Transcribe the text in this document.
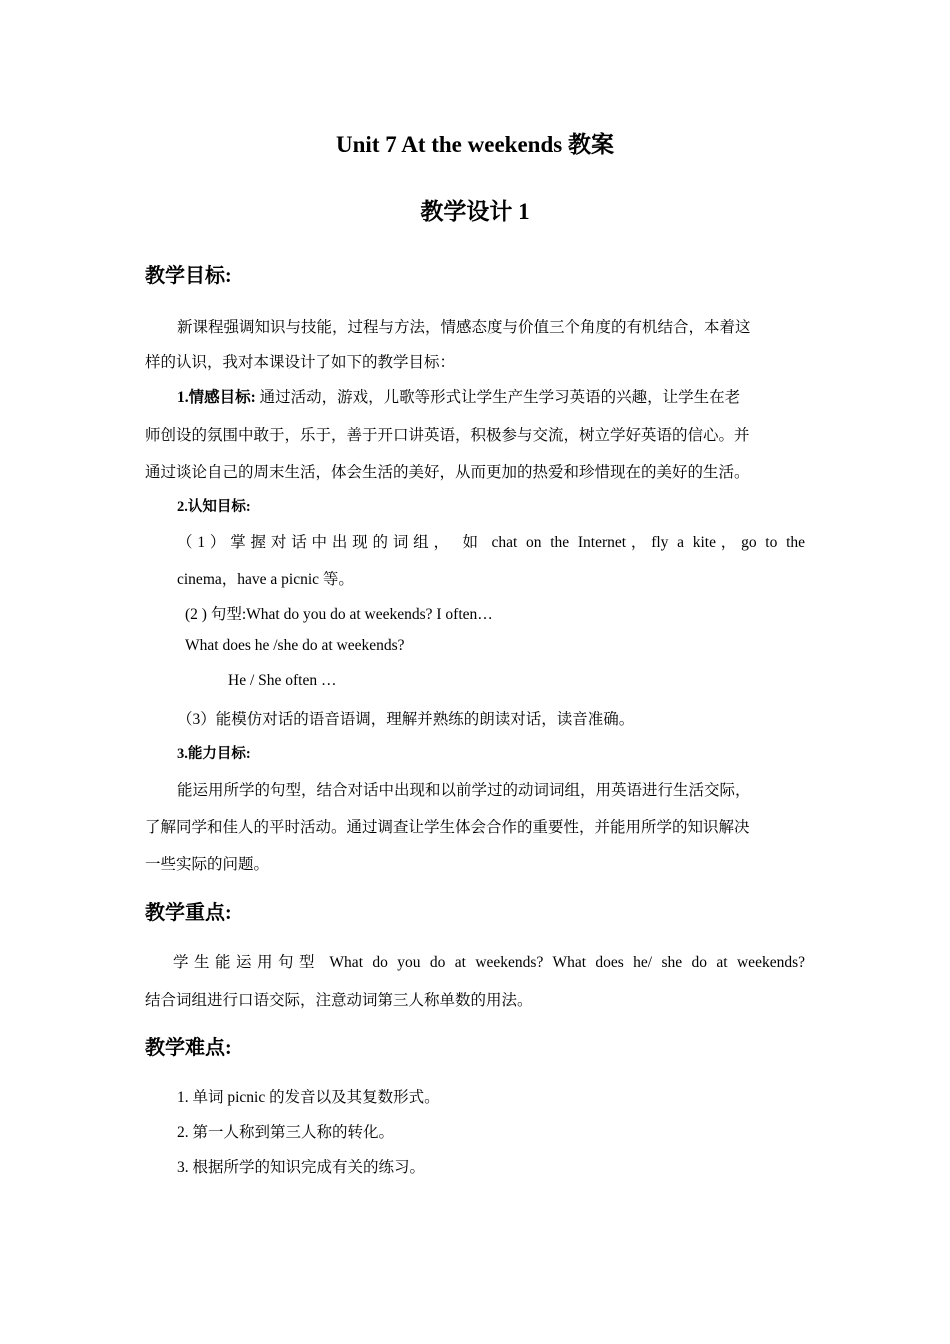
Unit 7 At the weekends 教案
教学设计 1
教学目标:
新课程强调知识与技能，过程与方法，情感态度与价值三个角度的有机结合，本着这
样的认识，我对本课设计了如下的教学目标：
1.情感目标: 通过活动，游戏，儿歌等形式让学生产生学习英语的兴趣，让学生在老
师创设的氛围中敢于，乐于，善于开口讲英语，积极参与交流，树立学好英语的信心。并
通过谈论自己的周末生活，体会生活的美好，从而更加的热爱和珍惜现在的美好的生活。
2.认知目标:
（1）掌握对话中出现的词组， 如 chat on the Internet，fly a kite，go to the
cinema，have a picnic 等。
(2 ) 句型:What do you do at weekends? I often…
What does he /she do at weekends?
He / She often …
（3）能模仿对话的语音语调，理解并熟练的朗读对话，读音准确。
3.能力目标:
能运用所学的句型，结合对话中出现和以前学过的动词词组，用英语进行生活交际，
了解同学和佳人的平时活动。通过调查让学生体会合作的重要性，并能用所学的知识解决
一些实际的问题。
教学重点:
学生能运用句型 What do you do at weekends? What does he/ she do at weekends?
结合词组进行口语交际，注意动词第三人称单数的用法。
教学难点:
1. 单词 picnic 的发音以及其复数形式。
2. 第一人称到第三人称的转化。
3. 根据所学的知识完成有关的练习。
